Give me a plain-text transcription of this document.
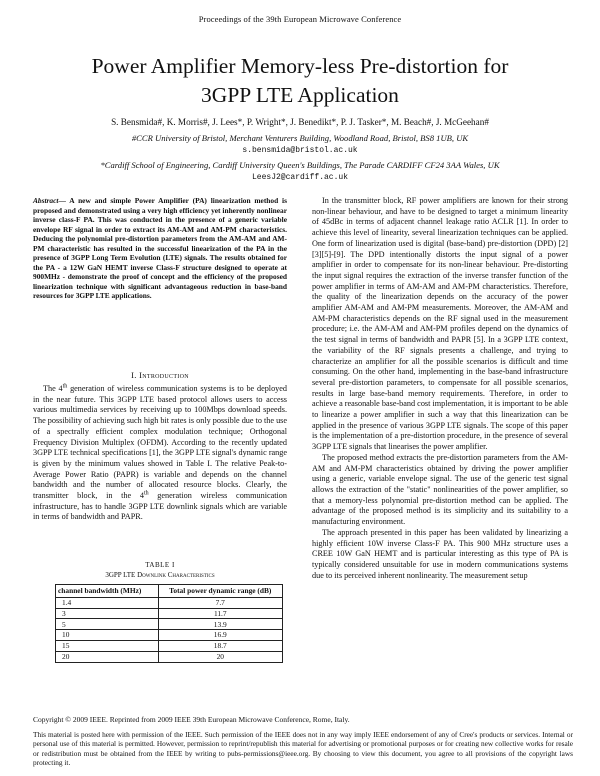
Proceedings of the 39th European Microwave Conference
Power Amplifier Memory-less Pre-distortion for
3GPP LTE Application
S. Bensmida#, K. Morris#, J. Lees*, P. Wright*, J. Benedikt*, P. J. Tasker*, M. Beach#, J. McGeehan#
#CCR University of Bristol, Merchant Venturers Building, Woodland Road, Bristol, BS8 1UB, UK
s.bensmida@bristol.ac.uk
*Cardiff School of Engineering, Cardiff University Queen's Buildings, The Parade CARDIFF CF24 3AA Wales, UK
LeesJ2@cardiff.ac.uk
Abstract— A new and simple Power Amplifier (PA) linearization method is proposed and demonstrated using a very high efficiency yet inherently nonlinear inverse class-F PA. This was conducted in the presence of a generic variable envelope RF signal in order to extract its AM-AM and AM-PM characteristics. Deducing the polynomial pre-distortion parameters from the AM-AM and AM-PM characteristic has resulted in the successful linearization of the PA in the presence of 3GPP Long Term Evolution (LTE) signals. The results obtained for the PA - a 12W GaN HEMT inverse Class-F structure designed to operate at 900MHz - demonstrate the proof of concept and the efficiency of the proposed linearization technique with significant advantageous reduction in base-band resources for 3GPP LTE applications.
I. Introduction

The 4th generation of wireless communication systems is to be deployed in the near future. This 3GPP LTE based protocol allows users to access various multimedia services by receiving up to 100Mbps download speeds. The possibility of achieving such high bit rates is only possible due to the use of a spectrally efficient complex modulation technique; Orthogonal Frequency Division Multiplex (OFDM). According to the recently updated 3GPP LTE technical specifications [1], the 3GPP LTE signal's dynamic range is given by the minimum values showed in Table I. The relative Peak-to-Average Power Ratio (PAPR) is variable and depends on the channel bandwidth and the number of allocated resource blocks. Clearly, the transmitter block, in the 4th generation wireless communication infrastructure, has to handle 3GPP LTE downlink signals which are variable in terms of bandwidth and PAPR.

TABLE I
3GPP LTE Downlink Characteristics
channel bandwidth (MHz)	Total power dynamic range (dB)
1.4	7.7
3	11.7
5	13.9
10	16.9
15	18.7
20	20

In the transmitter block, RF power amplifiers are known for their strong non-linear behaviour, and have to be designed to target a minimum linearity of 45dBc in terms of adjacent channel leakage ratio ACLR [1]. In order to achieve this level of linearity, several linearization techniques can be applied. One form of linearization used is digital (base-band) pre-distortion (DPD) [2][3][5]-[9]. The DPD intentionally distorts the input signal of a power amplifier in order to compensate for its non-linear behaviour. Pre-distorting the input signal requires the extraction of the inverse transfer function of the power amplifier in terms of AM-AM and AM-PM characteristics. Therefore, the quality of the linearization depends on the accuracy of the power amplifier AM-AM and AM-PM measurements. Moreover, the AM-AM and AM-PM characteristics depends on the RF signal used in the measurement procedure; i.e. the AM-AM and AM-PM profiles depend on the dynamics of the test signal in terms of bandwidth and PAPR [5]. In a 3GPP LTE context, the variability of the RF signals presents a challenge, and trying to characterize an amplifier for all the possible scenarios is difficult and time consuming. On the other hand, implementing in the base-band infrastructure several pre-distortion parameters, to compensate for all possible scenarios, results in large base-band memory requirements. Therefore, in order to achieve a reasonable base-band cost implementation, it is important to be able to linearize a power amplifier in such a way that this linearization can be applied in the presence of various 3GPP LTE signals. The scope of this paper is the implementation of a pre-distortion procedure, in the presence of several 3GPP LTE signals that linearises the power amplifier.

The proposed method extracts the pre-distortion parameters from the AM-AM and AM-PM characteristics obtained by driving the power amplifier using a generic, variable envelope signal. The use of the generic test signal allows the extraction of the "static" nonlinearities of the power amplifier, so that a memory-less polynomial pre-distortion method can be applied. The advantage of the proposed method is its simplicity and its suitability to a manufacturing environment.

The approach presented in this paper has been validated by linearizing a highly efficient 10W inverse Class-F PA. This 900 MHz structure uses a CREE 10W GaN HEMT and is particular interesting as this type of PA is typically considered unsuitable for use in modern communications systems due to its perceived inherent nonlinearity. The measurement setup

Copyright © 2009 IEEE. Reprinted from 2009 IEEE 39th European Microwave Conference, Rome, Italy.
This material is posted here with permission of the IEEE. Such permission of the IEEE does not in any way imply IEEE endorsement of any of Cree's products or services. Internal or personal use of this material is permitted. However, permission to reprint/republish this material for advertising or promotional purposes or for creating new collective works for resale or redistribution must be obtained from the IEEE by writing to pubs-permissions@ieee.org. By choosing to view this document, you agree to all provisions of the copyright laws protecting it.
